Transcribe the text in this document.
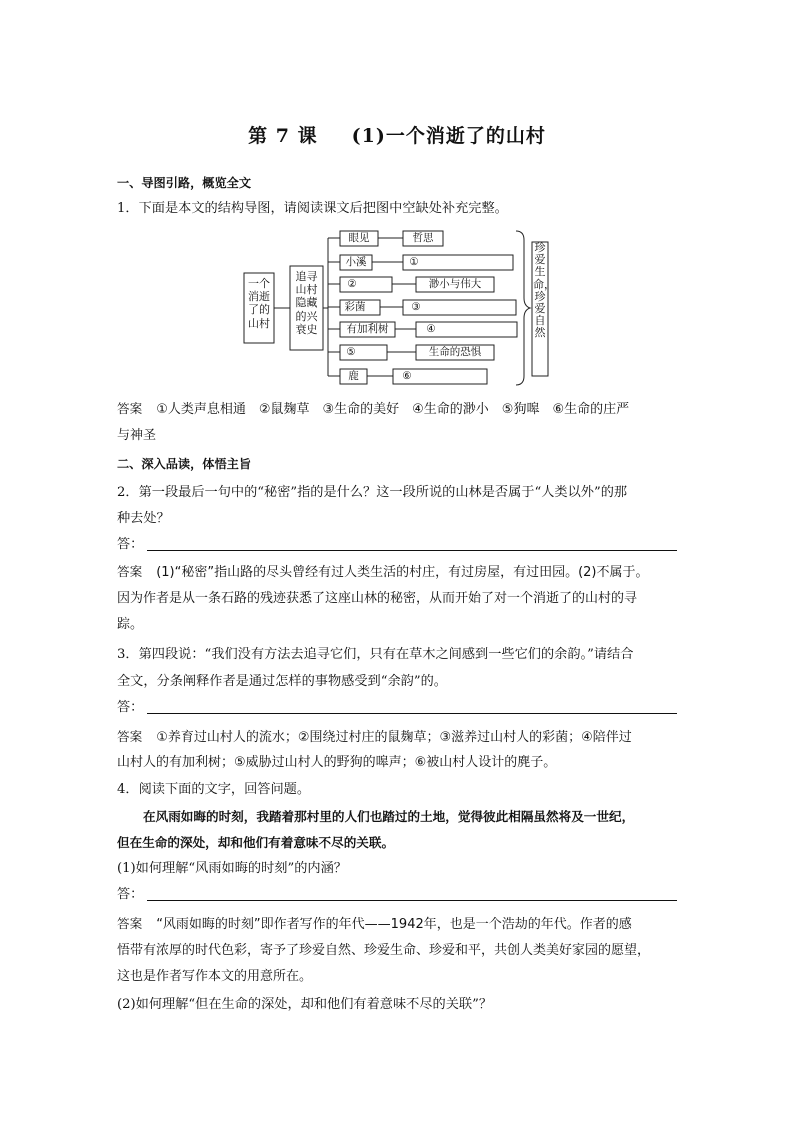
第 7 课 (1)一个消逝了的山村
一、导图引路，概览全文
1．下面是本文的结构导图，请阅读课文后把图中空缺处补充完整。
一个消逝了的山村
追寻山村隐藏的兴衰史
珍爱生命，珍爱自然
眼见	哲思
小溪	①
②	渺小与伟大
彩菌	③
有加利树	④
⑤	生命的恐惧
鹿	⑥
答案 ①人类声息相通　②鼠麹草　③生命的美好　④生命的渺小　⑤狗嗥　⑥生命的庄严
与神圣
二、深入品读，体悟主旨
2．第一段最后一句中的“秘密”指的是什么？这一段所说的山林是否属于“人类以外”的那
种去处？
答：
答案 (1)“秘密”指山路的尽头曾经有过人类生活的村庄，有过房屋，有过田园。(2)不属于。
因为作者是从一条石路的残迹获悉了这座山林的秘密，从而开始了对一个消逝了的山村的寻
踪。
3．第四段说：“我们没有方法去追寻它们，只有在草木之间感到一些它们的余韵。”请结合
全文，分条阐释作者是通过怎样的事物感受到“余韵”的。
答：
答案 ①养育过山村人的流水；②围绕过村庄的鼠麹草；③滋养过山村人的彩菌；④陪伴过
山村人的有加利树；⑤威胁过山村人的野狗的嗥声；⑥被山村人设计的麂子。
4．阅读下面的文字，回答问题。
在风雨如晦的时刻，我踏着那村里的人们也踏过的土地，觉得彼此相隔虽然将及一世纪，
但在生命的深处，却和他们有着意味不尽的关联。
(1)如何理解“风雨如晦的时刻”的内涵？
答：
答案 “风雨如晦的时刻”即作者写作的年代——1942年，也是一个浩劫的年代。作者的感
悟带有浓厚的时代色彩，寄予了珍爱自然、珍爱生命、珍爱和平，共创人类美好家园的愿望，
这也是作者写作本文的用意所在。
(2)如何理解“但在生命的深处，却和他们有着意味不尽的关联”？
